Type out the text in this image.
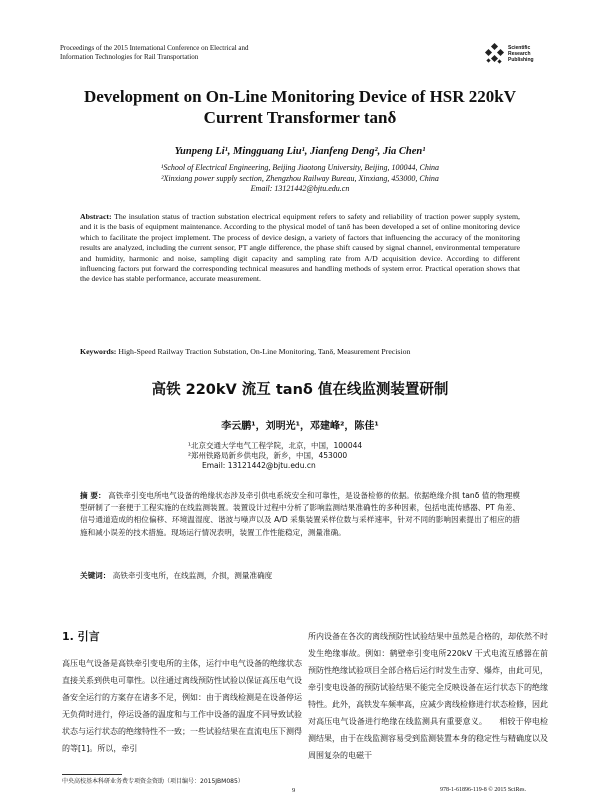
Proceedings of the 2015 International Conference on Electrical and
Information Technologies for Rail Transportation
Scientific
Research
Publishing
Development on On-Line Monitoring Device of HSR 220kV
Current Transformer tanδ
Yunpeng Li¹, Mingguang Liu¹, Jianfeng Deng², Jia Chen¹
¹School of Electrical Engineering, Beijing Jiaotong University, Beijing, 100044, China
²Xinxiang power supply section, Zhengzhou Railway Bureau, Xinxiang, 453000, China
Email: 13121442@bjtu.edu.cn
Abstract: The insulation status of traction substation electrical equipment refers to safety and reliability of traction power supply system, and it is the basis of equipment maintenance. According to the physical model of tanδ has been developed a set of online monitoring device which to facilitate the project implement. The process of device design, a variety of factors that influencing the accuracy of the monitoring results are analyzed, including the current sensor, PT angle difference, the phase shift caused by signal channel, environmental temperature and humidity, harmonic and noise, sampling digit capacity and sampling rate from A/D acquisition device. According to different influencing factors put forward the corresponding technical measures and handling methods of system error. Practical operation shows that the device has stable performance, accurate measurement.
Keywords: High-Speed Railway Traction Substation, On-Line Monitoring, Tanδ, Measurement Precision
高铁 220kV 流互 tanδ 值在线监测装置研制
李云鹏¹，刘明光¹，邓建峰²，陈佳¹
¹北京交通大学电气工程学院，北京，中国，100044
²郑州铁路局新乡供电段，新乡，中国，453000
Email: 13121442@bjtu.edu.cn
摘 要： 高铁牵引变电所电气设备的绝缘状态涉及牵引供电系统安全和可靠性，是设备检修的依据。依据绝缘介损 tanδ 值的物理模型研制了一套便于工程实施的在线监测装置。装置设计过程中分析了影响监测结果准确性的多种因素，包括电流传感器、PT 角差、信号通道造成的相位偏移、环境温湿度、谐波与噪声以及 A/D 采集装置采样位数与采样速率，针对不同的影响因素提出了相应的措施和减小误差的技术措施。现场运行情况表明，装置工作性能稳定，测量准确。
关键词： 高铁牵引变电所，在线监测，介损，测量准确度
1. 引言
高压电气设备是高铁牵引变电所的主体，运行中电气设备的绝缘状态直接关系到供电可靠性。以往通过离线预防性试验以保证高压电气设备安全运行的方案存在诸多不足，例如：由于离线检测是在设备停运无负荷时进行，停运设备的温度和与工作中设备的温度不同导致试验状态与运行状态的绝缘特性不一致；一些试验结果在直流电压下测得的等[1]。所以，牵引
所内设备在各次的离线预防性试验结果中虽然是合格的，却依然不时发生绝缘事故。例如：鹤壁牵引变电所220kV 干式电流互感器在前预防性绝缘试验项目全部合格后运行时发生击穿、爆炸，由此可见，牵引变电设备的预防试验结果不能完全反映设备在运行状态下的绝缘特性。此外，高铁发车频率高，应减少离线检修进行状态检修，因此对高压电气设备进行绝缘在线监测具有重要意义。　　相较于停电检测结果，由于在线监测容易受到监测装置本身的稳定性与精确度以及周围复杂的电磁干
中央高校基本科研业务费专项资金资助（项目编号：2015JBM085）
9	978-1-61896-119-8 © 2015 SciRes.
